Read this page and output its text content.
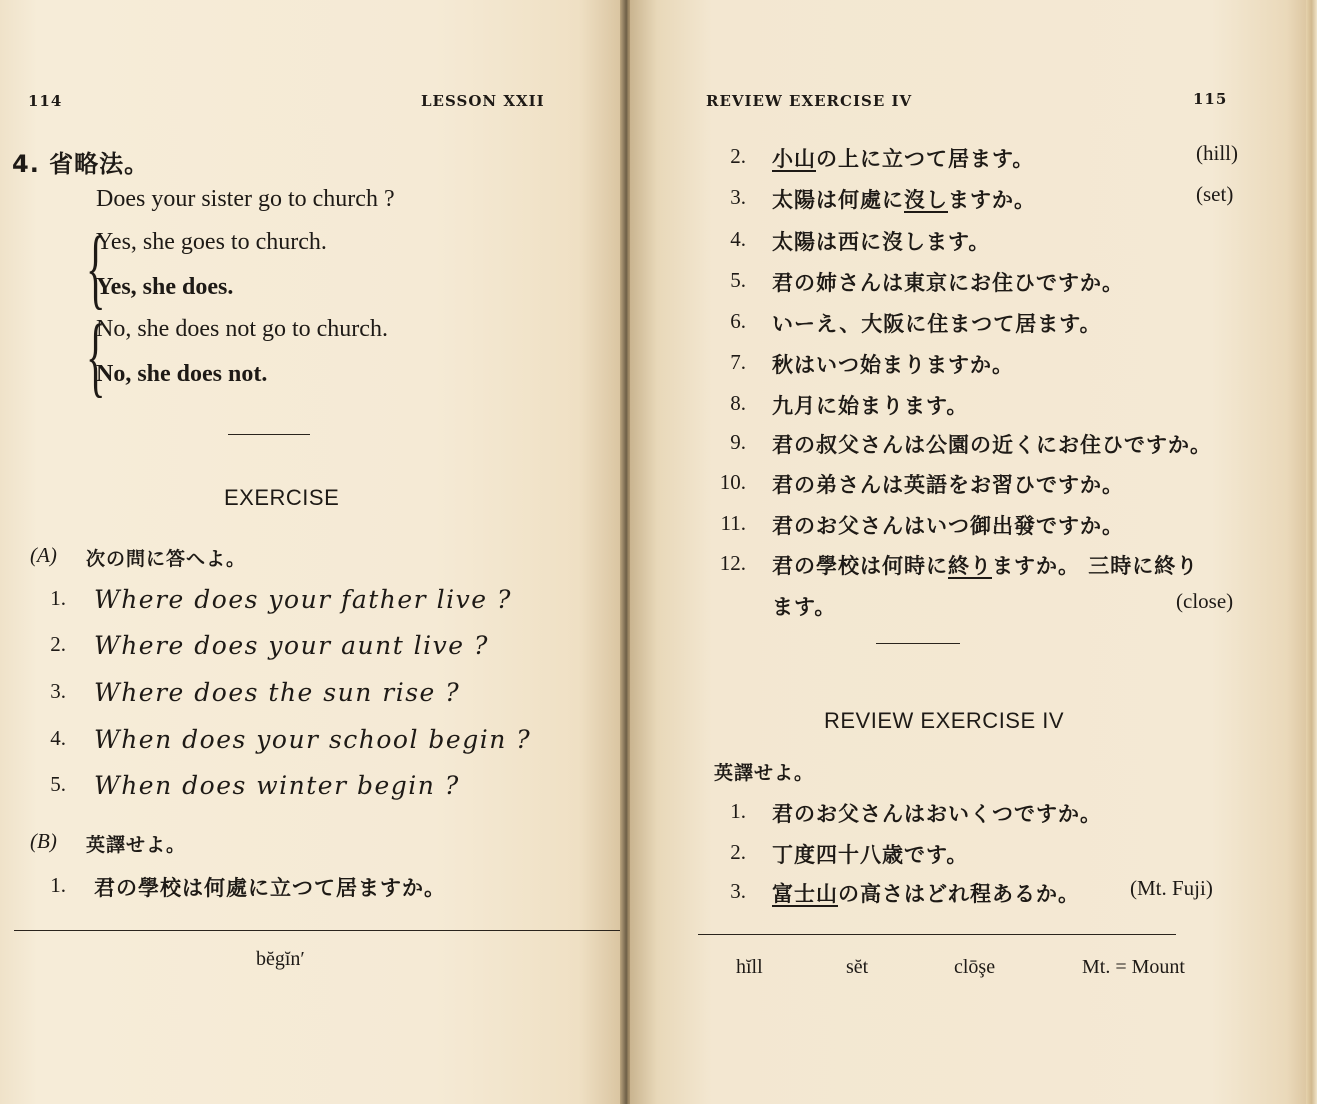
114	LESSON XXII
4. 省略法。
Does your sister go to church ?
{
Yes, she goes to church.
Yes, she does.
{
No, she does not go to church.
No, she does not.
EXERCISE
(A) 次の問に答へよ。
1. Where does your father live ?
2. Where does your aunt live ?
3. Where does the sun rise ?
4. When does your school begin ?
5. When does winter begin ?
(B) 英譯せよ。
1. 君の學校は何處に立つて居ますか。
bĕgĭn′
REVIEW EXERCISE IV	115
2. 小山の上に立つて居ます。	(hill)
3. 太陽は何處に沒しますか。	(set)
4. 太陽は西に沒します。
5. 君の姉さんは東京にお住ひですか。
6. いーえ、大阪に住まつて居ます。
7. 秋はいつ始まりますか。
8. 九月に始まります。
9. 君の叔父さんは公園の近くにお住ひですか。
10. 君の弟さんは英語をお習ひですか。
11. 君のお父さんはいつ御出發ですか。
12. 君の學校は何時に終りますか。 三時に終り
ます。	(close)
REVIEW EXERCISE IV
英譯せよ。
1. 君のお父さんはおいくつですか。
2. 丁度四十八歳です。
3. 富士山の高さはどれ程あるか。 (Mt. Fuji)
hĭll	sĕt	clōşe	Mt. = Mount
